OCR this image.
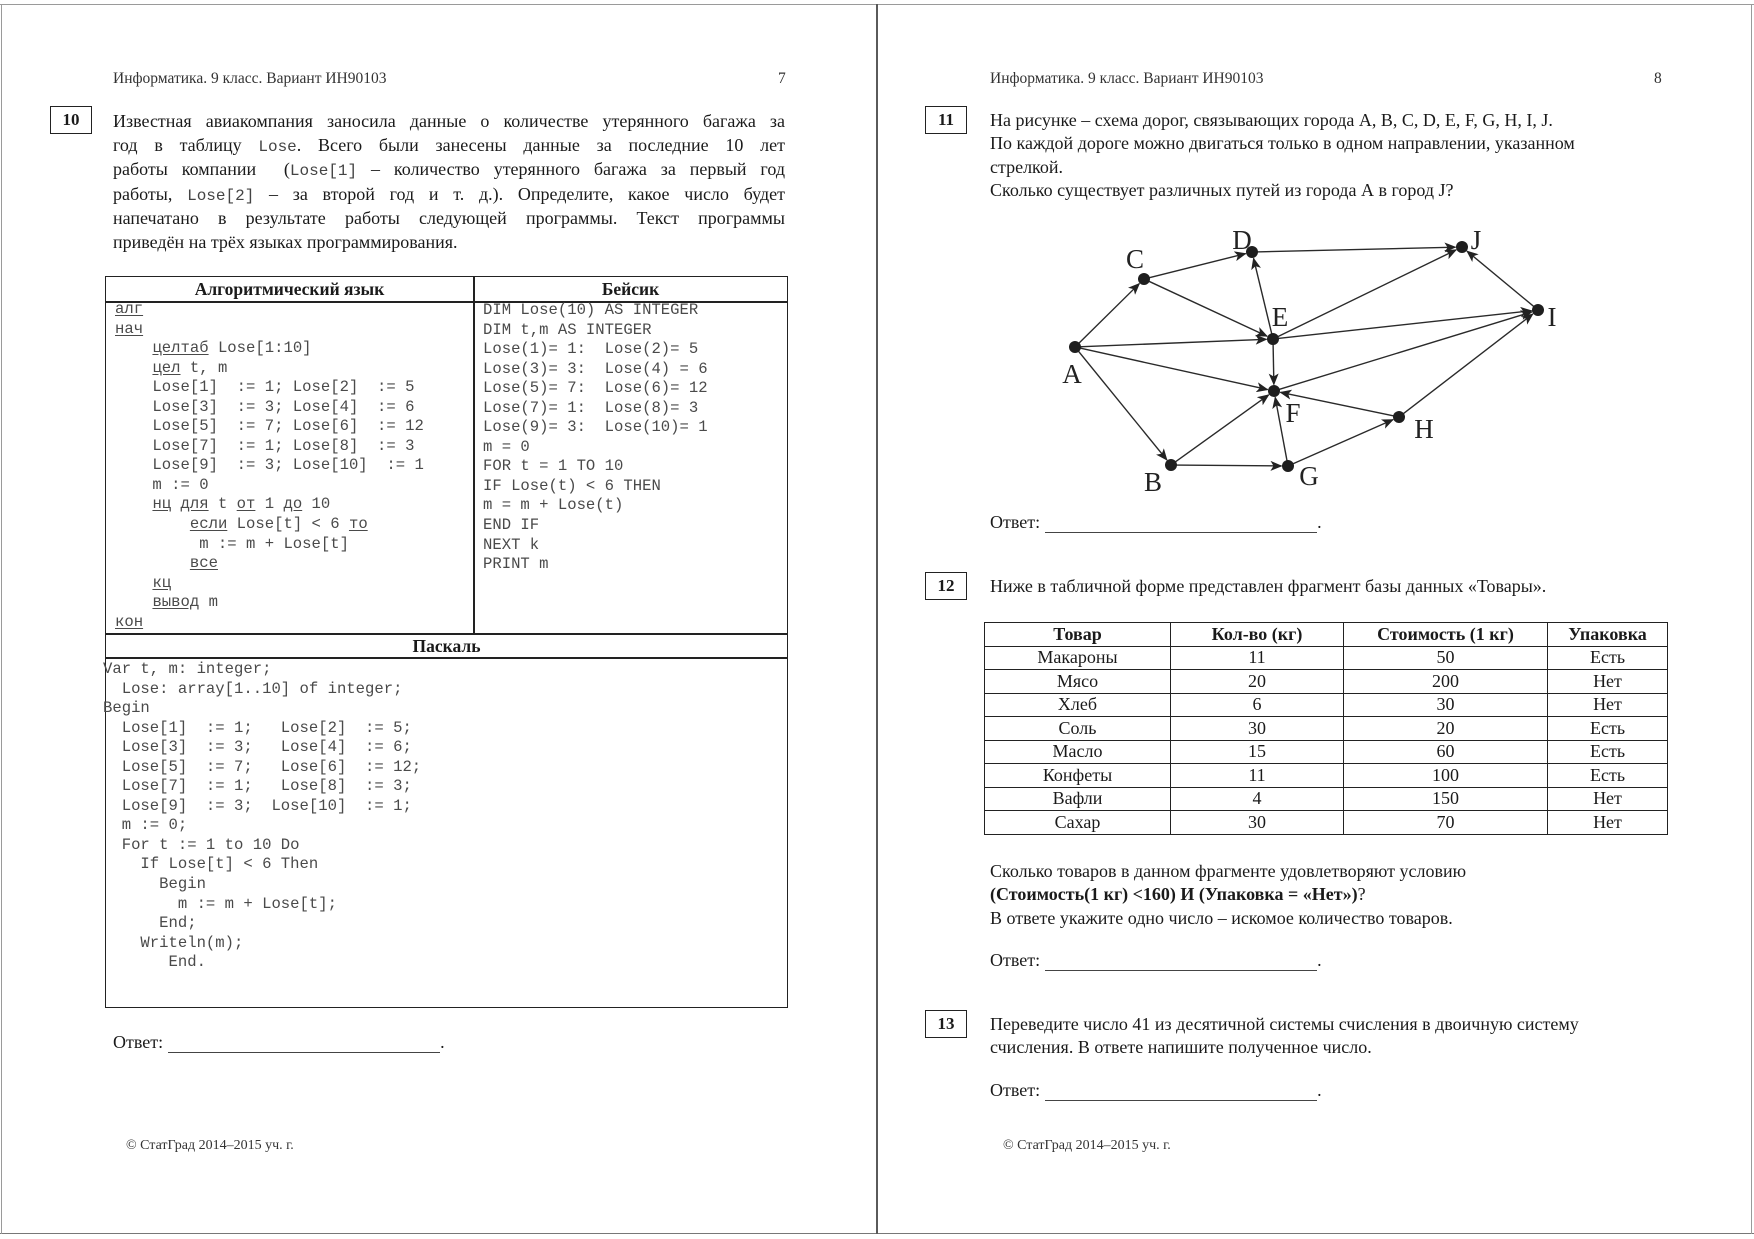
Информатика. 9 класс. Вариант ИН90103	7
10	Известная авиакомпания заносила данные о количестве утерянного багажа за
год в таблицу Lose. Всего были занесены данные за последние 10 лет
работы компании  (Lose[1] – количество утерянного багажа за первый год
работы, Lose[2] – за второй год и т. д.). Определите, какое число будет
напечатано в результате работы следующей программы. Текст программы
приведён на трёх языках программирования.
Алгоритмический язык	Бейсик
алг
нач
целтаб Lose[1:10]
цел t, m
Lose[1]  := 1; Lose[2]  := 5
Lose[3]  := 3; Lose[4]  := 6
Lose[5]  := 7; Lose[6]  := 12
Lose[7]  := 1; Lose[8]  := 3
Lose[9]  := 3; Lose[10]  := 1
m := 0
нц для t от 1 до 10
если Lose[t] < 6 то
m := m + Lose[t]
все
кц
вывод m
кон
DIM Lose(10) AS INTEGER
DIM t,m AS INTEGER
Lose(1)= 1:  Lose(2)= 5
Lose(3)= 3:  Lose(4) = 6
Lose(5)= 7:  Lose(6)= 12
Lose(7)= 1:  Lose(8)= 3
Lose(9)= 3:  Lose(10)= 1
m = 0
FOR t = 1 TO 10
IF Lose(t) < 6 THEN
m = m + Lose(t)
END IF
NEXT k
PRINT m
Паскаль
Var t, m: integer;
Lose: array[1..10] of integer;
Begin
Lose[1]  := 1;   Lose[2]  := 5;
Lose[3]  := 3;   Lose[4]  := 6;
Lose[5]  := 7;   Lose[6]  := 12;
Lose[7]  := 1;   Lose[8]  := 3;
Lose[9]  := 3;  Lose[10]  := 1;
m := 0;
For t := 1 to 10 Do
If Lose[t] < 6 Then
Begin
m := m + Lose[t];
End;
Writeln(m);
End.
Ответ:	.
© СтатГрад 2014–2015 уч. г.
Информатика. 9 класс. Вариант ИН90103	8
11	На рисунке – схема дорог, связывающих города A, B, C, D, E, F, G, H, I, J.
По каждой дороге можно двигаться только в одном направлении, указанном
стрелкой.
Сколько существует различных путей из города А в город J?
A
C
D
E
F
B	G
H
J
I
Ответ:	.
12	Ниже в табличной форме представлен фрагмент базы данных «Товары».
Товар	Кол-во (кг)	Стоимость (1 кг)	Упаковка
Макароны	11	50	Есть
Мясо	20	200	Нет
Хлеб	6	30	Нет
Соль	30	20	Есть
Масло	15	60	Есть
Конфеты	11	100	Есть
Вафли	4	150	Нет
Сахар	30	70	Нет
Сколько товаров в данном фрагменте удовлетворяют условию
(Стоимость(1 кг) <160) И (Упаковка = «Нет»)?
В ответе укажите одно число – искомое количество товаров.
Ответ:	.
13	Переведите число 41 из десятичной системы счисления в двоичную систему
счисления. В ответе напишите полученное число.
Ответ:	.
© СтатГрад 2014–2015 уч. г.
